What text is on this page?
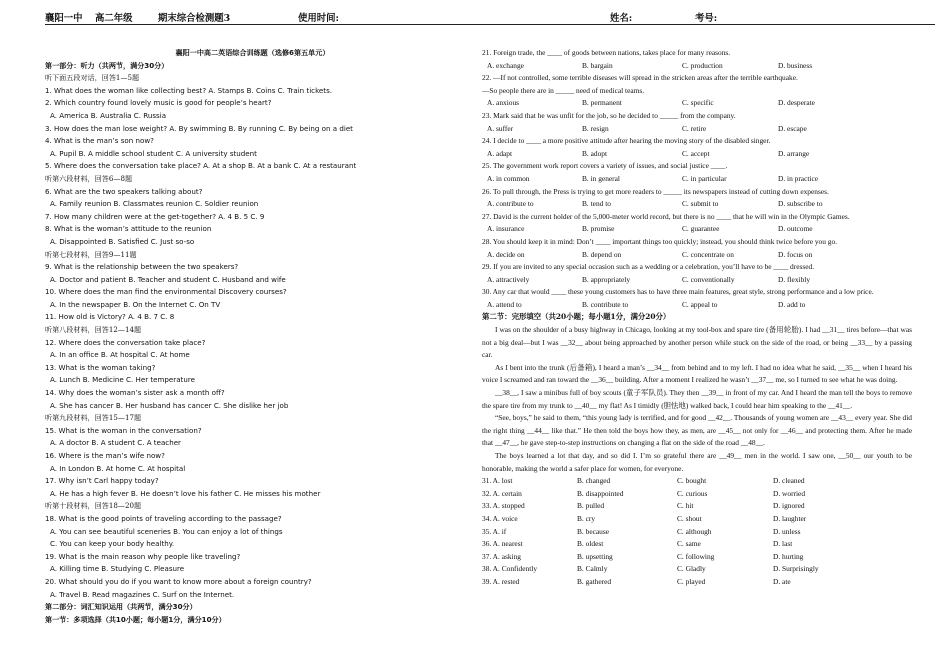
襄阳一中 高二年级	期末综合检测题3	使用时间:	姓名:	考号:
襄阳一中高二英语综合训练题（选修6第五单元）
第一部分：听力（共两节，满分30分）
听下面五段对话，回答1—5题
1. What does the woman like collecting best? A. Stamps B. Coins C. Train tickets.
2. Which country found lovely music is good for people’s heart?
A. America B. Australia C. Russia
3. How does the man lose weight? A. By swimming B. By running C. By being on a diet
4. What is the man’s son now?
A. Pupil B. A middle school student C. A university student
5. Where does the conversation take place? A. At a shop B. At a bank C. At a restaurant
听第六段材料，回答6—8题
6. What are the two speakers talking about?
A. Family reunion B. Classmates reunion C. Soldier reunion
7. How many children were at the get-together? A. 4 B. 5 C. 9
8. What is the woman’s attitude to the reunion
A. Disappointed B. Satisfied C. Just so-so
听第七段材料，回答9—11题
9. What is the relationship between the two speakers?
A. Doctor and patient B. Teacher and student C. Husband and wife
10. Where does the man find the environmental Discovery courses?
A. In the newspaper B. On the Internet C. On TV
11. How old is Victory? A. 4 B. 7 C. 8
听第八段材料，回答12—14题
12. Where does the conversation take place?
A. In an office B. At hospital C. At home
13. What is the woman taking?
A. Lunch B. Medicine C. Her temperature
14. Why does the woman’s sister ask a month off?
A. She has cancer B. Her husband has cancer C. She dislike her job
听第九段材料，回答15—17题
15. What is the woman in the conversation?
A. A doctor B. A student C. A teacher
16. Where is the man’s wife now?
A. In London B. At home C. At hospital
17. Why isn’t Carl happy today?
A. He has a high fever B. He doesn’t love his father C. He misses his mother
听第十段材料，回答18—20题
18. What is the good points of traveling according to the passage?
A. You can see beautiful sceneries B. You can enjoy a lot of things
C. You can keep your body healthy.
19. What is the main reason why people like traveling?
A. Killing time B. Studying C. Pleasure
20. What should you do if you want to know more about a foreign country?
A. Travel B. Read magazines C. Surf on the Internet.
第二部分：词汇知识运用（共两节，满分30分）
第一节：多项选择（共10小题；每小题1分，满分10分）
21. Foreign trade, the ____ of goods between nations, takes place for many reasons.
A. exchange	B. bargain	C. production	D. business
22. —If not controlled, some terrible diseases will spread in the stricken areas after the terrible earthquake.
—So people there are in _____ need of medical teams.
A. anxious	B. permanent	C. specific	D. desperate
23. Mark said that he was unfit for the job, so he decided to _____ from the company.
A. suffer	B. resign	C. retire	D. escape
24. I decide to ____ a more positive attitude after hearing the moving story of the disabled singer.
A. adapt	B. adopt	C. accept	D. arrange
25. The government work report covers a variety of issues, and social justice ____.
A. in common	B. in general	C. in particular	D. in practice
26. To pull through, the Press is trying to get more readers to _____ its newspapers instead of cutting down expenses.
A. contribute to	B. tend to	C. submit to	D. subscribe to
27. David is the current holder of the 5,000-meter world record, but there is no ____ that he will win in the Olympic Games.
A. insurance	B. promise	C. guarantee	D. outcome
28. You should keep it in mind: Don’t ____ important things too quickly; instead, you should think twice before you go.
A. decide on	B. depend on	C. concentrate on	D. focus on
29. If you are invited to any special occasion such as a wedding or a celebration, you’ll have to be ____ dressed.
A. attractively	B. appropriately	C. conventionally	D. flexibly
30. Any car that would ____ these young customers has to have three main features, great style, strong performance and a low price.
A. attend to	B. contribute to	C. appeal to	D. add to
第二节：完形填空（共20小题；每小题1分，满分20分）

I was on the shoulder of a busy highway in Chicago, looking at my tool-box and spare tire (备用轮胎). I had __31__ tires before—that was not a big deal—but I was __32__ about being approached by another person while stuck on the side of the road, or being __33__ by a passing car.

As I bent into the trunk (后备箱), I heard a man’s __34__ from behind and to my left. I had no idea what he said, __35__ when I heard his voice I screamed and ran toward the __36__ building. After a moment I realized he wasn’t __37__ me, so I turned to see what he was doing.

__38__, I saw a minibus full of boy scouts (童子军队员). They then __39__ in front of my car. And I heard the man tell the boys to remove the spare tire from my trunk to __40__ my flat! As I timidly (胆怯地) walked back, I could hear him speaking to the __41__.

“See, boys,” he said to them, “this young lady is terrified, and for good __42__. Thousands of young women are __43__ every year. She did the right thing __44__ like that.” He then told the boys how they, as men, are __45__ not only for __46__ and protecting them. After he made that __47__, he gave step-to-step instructions on changing a flat on the side of the road __48__.

The boys learned a lot that day, and so did I. I’m so grateful there are __49__ men in the world. I saw one, __50__ our youth to be honorable, making the world a safer place for women, for everyone.

31. A. lost	B. changed	C. bought	D. cleaned
32. A. certain	B. disappointed	C. curious	D. worried
33. A. stopped	B. pulled	C. hit	D. ignored
34. A. voice	B. cry	C. shout	D. laughter
35. A. if	B. because	C. although	D. unless
36. A. nearest	B. oldest	C. same	D. last
37. A. asking	B. upsetting	C. following	D. hurting
38. A. Confidently	B. Calmly	C. Gladly	D. Surprisingly
39. A. rested	B. gathered	C. played	D. ate
